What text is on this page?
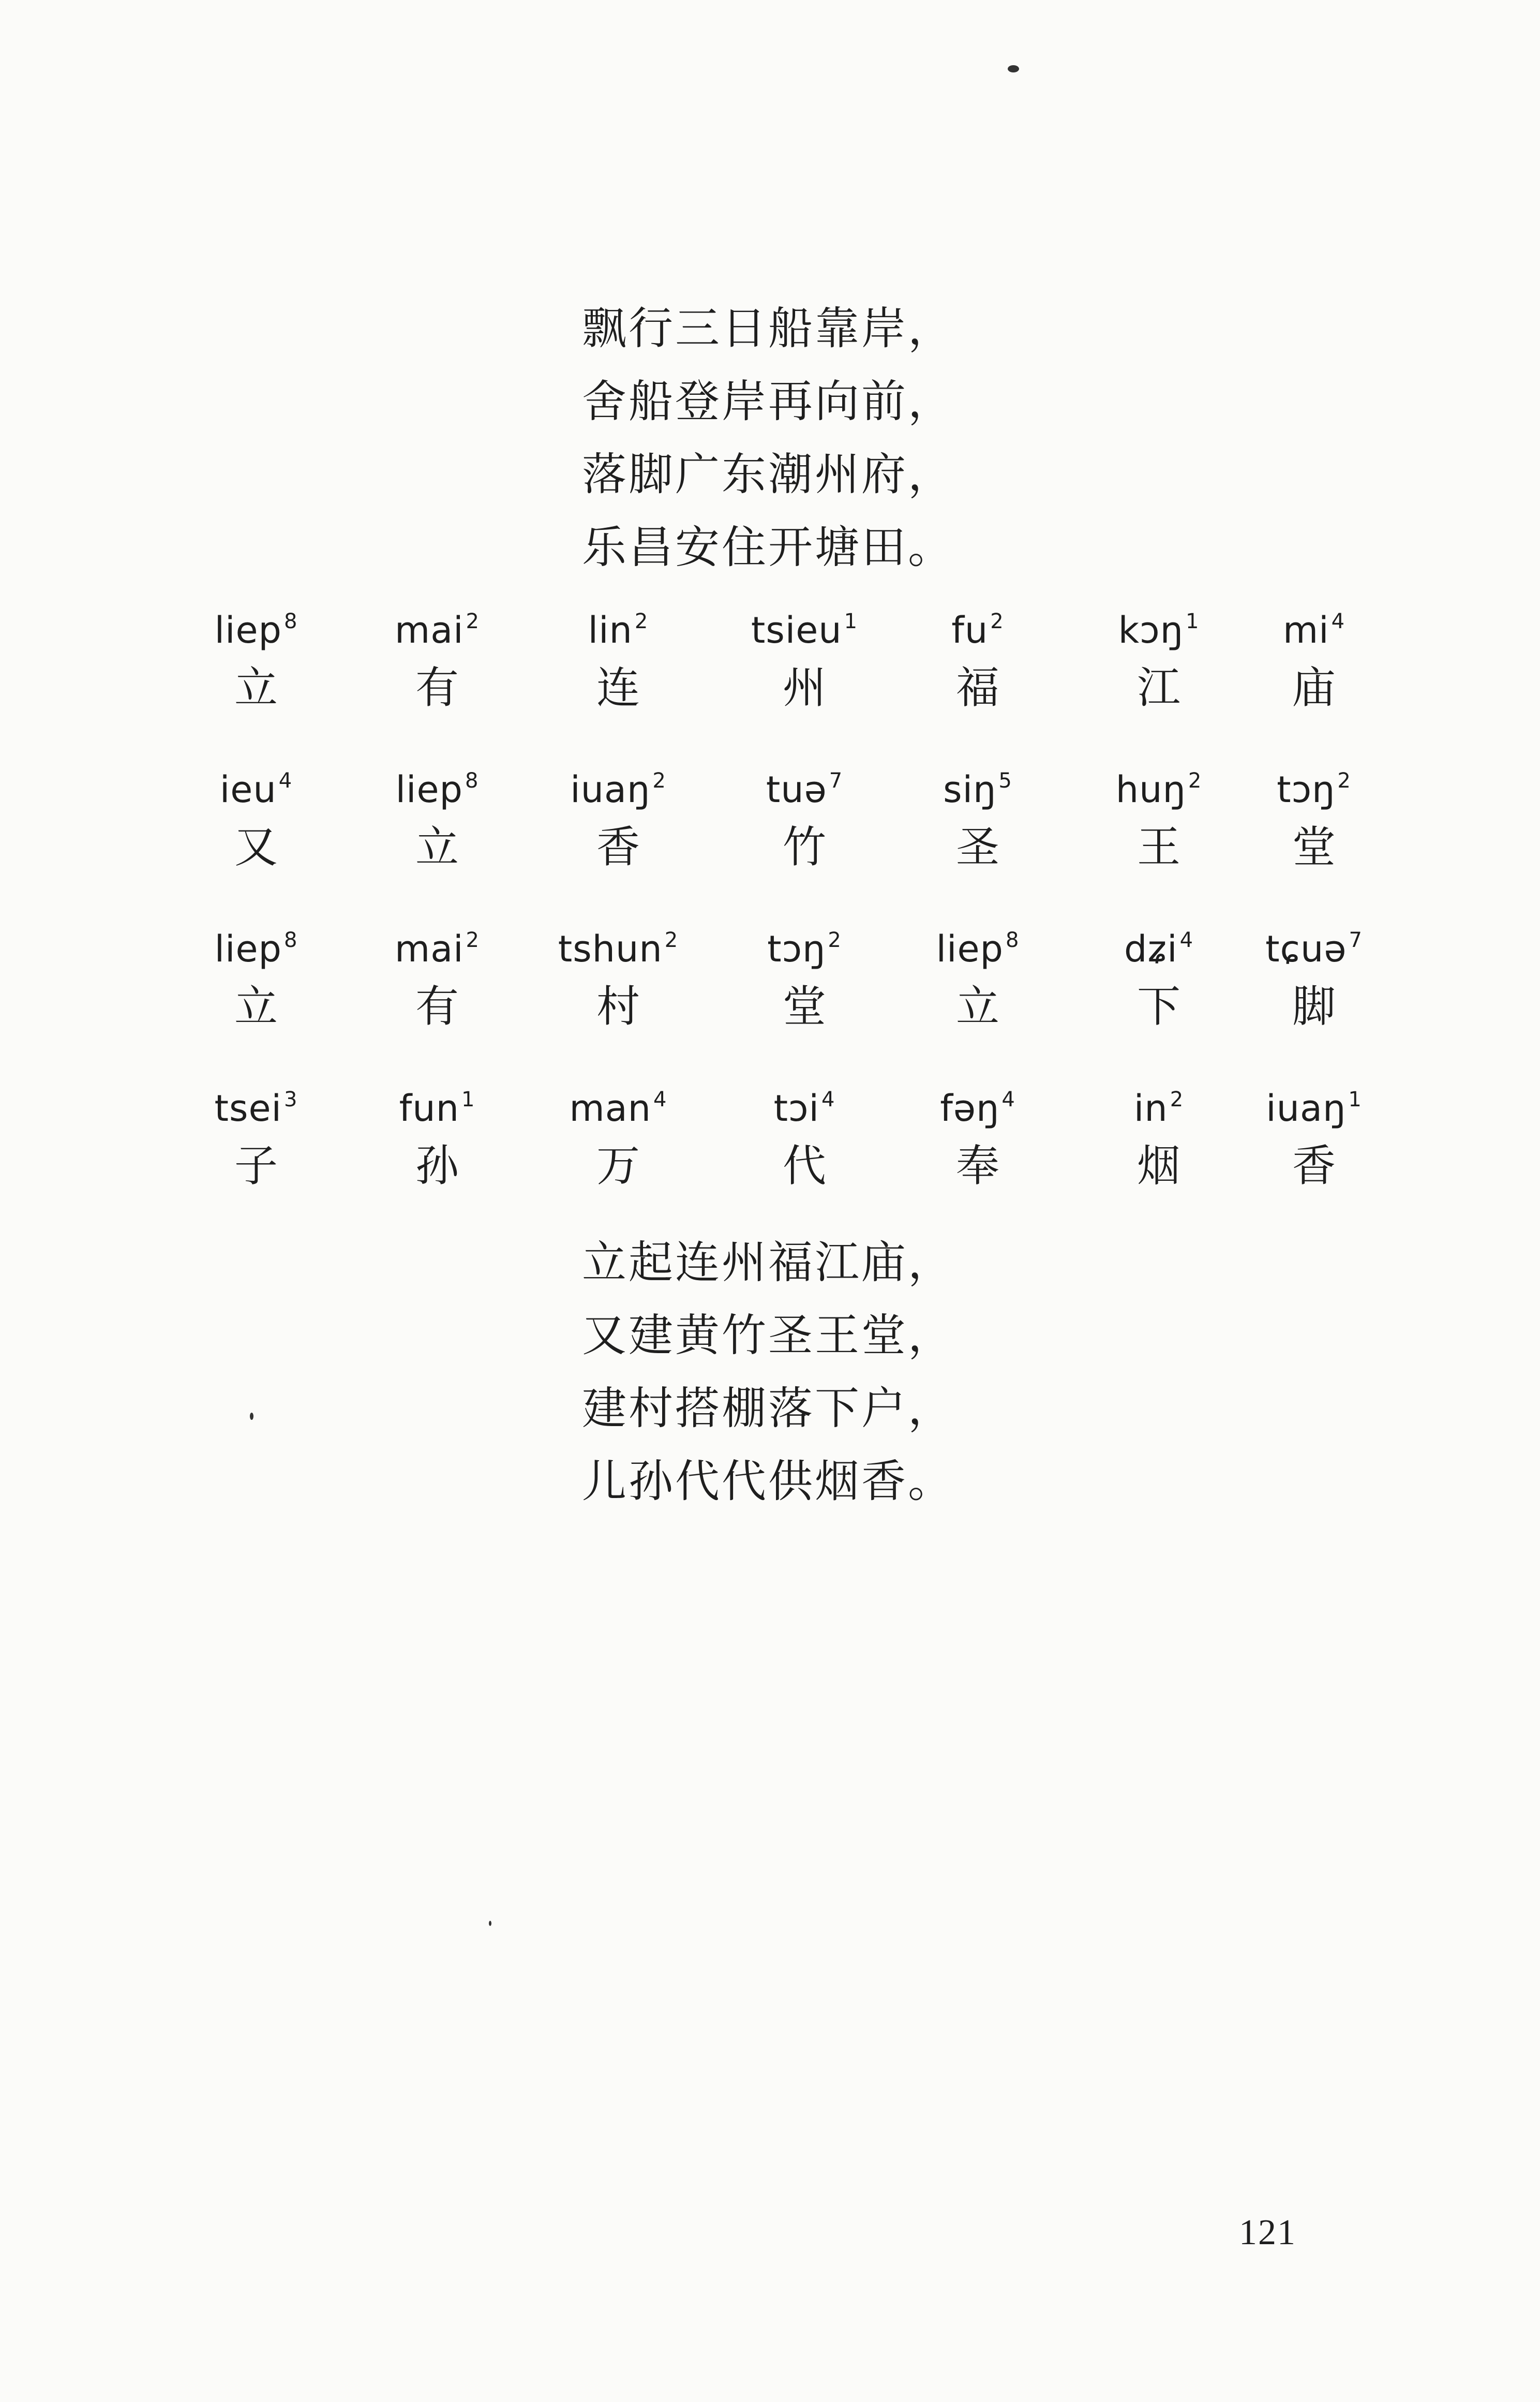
飘行三日船靠岸，
舍船登岸再向前，
落脚广东潮州府，
乐昌安住开塘田。
liep $^8$
立
mai $^2$
有
lin $^2$
连
tsieu $^1$
州
fu $^2$
福
kɔŋ $^1$
江
mi $^4$
庙
ieu $^4$
又
liep $^8$
立
iuaŋ $^2$
香
tuə $^7$
竹
siŋ $^5$
圣
huŋ $^2$
王
tɔŋ $^2$
堂
liep $^8$
立
mai $^2$
有
tshun $^2$
村
tɔŋ $^2$
堂
liep $^8$
立
dʑi $^4$
下
tɕuə $^7$
脚
tsei $^3$
子
fun $^1$
孙
man $^4$
万
tɔi $^4$
代
fəŋ $^4$
奉
in $^2$
烟
iuaŋ $^1$
香
立起连州福江庙，
又建黄竹圣王堂，
建村搭棚落下户，
儿孙代代供烟香。
121
